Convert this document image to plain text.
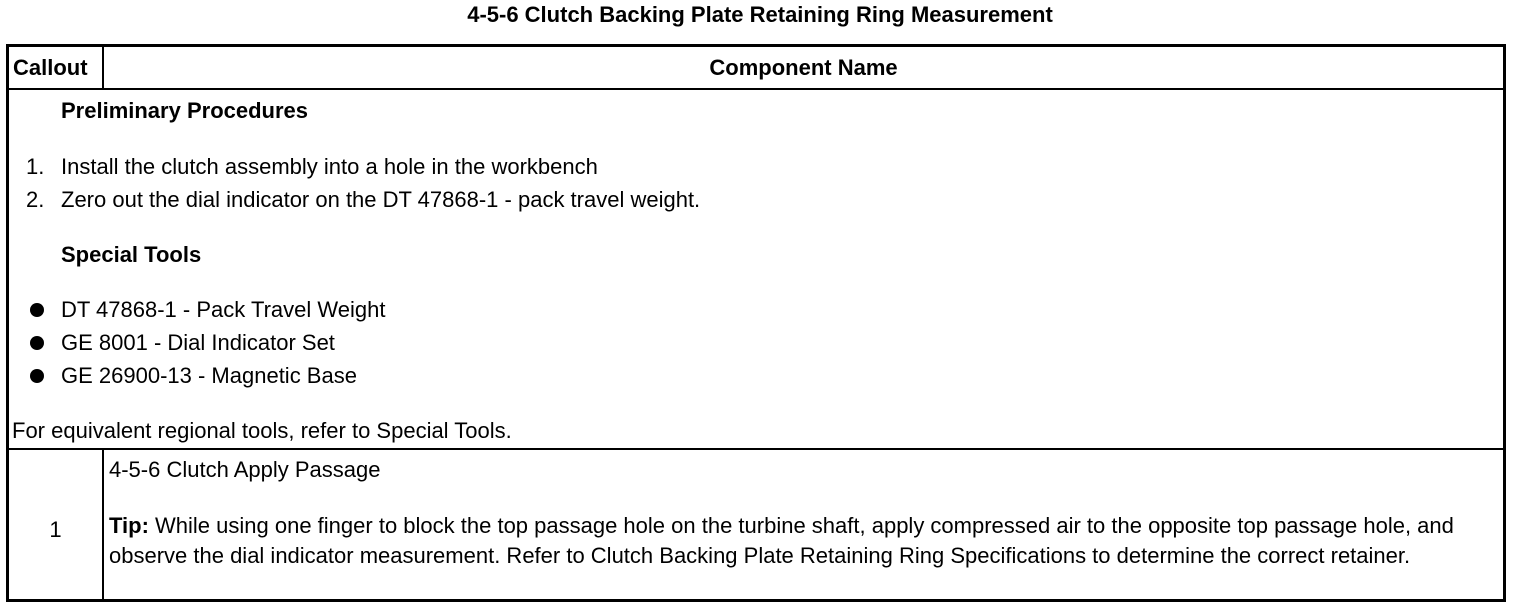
4-5-6 Clutch Backing Plate Retaining Ring Measurement
Callout	Component Name
Preliminary Procedures
1. Install the clutch assembly into a hole in the workbench
2. Zero out the dial indicator on the DT 47868-1 - pack travel weight.
Special Tools
DT 47868-1 - Pack Travel Weight
GE 8001 - Dial Indicator Set
GE 26900-13 - Magnetic Base
For equivalent regional tools, refer to Special Tools.
1
4-5-6 Clutch Apply Passage
Tip: While using one finger to block the top passage hole on the turbine shaft, apply compressed air to the opposite top passage hole, and observe the dial indicator measurement. Refer to Clutch Backing Plate Retaining Ring Specifications to determine the correct retainer.
